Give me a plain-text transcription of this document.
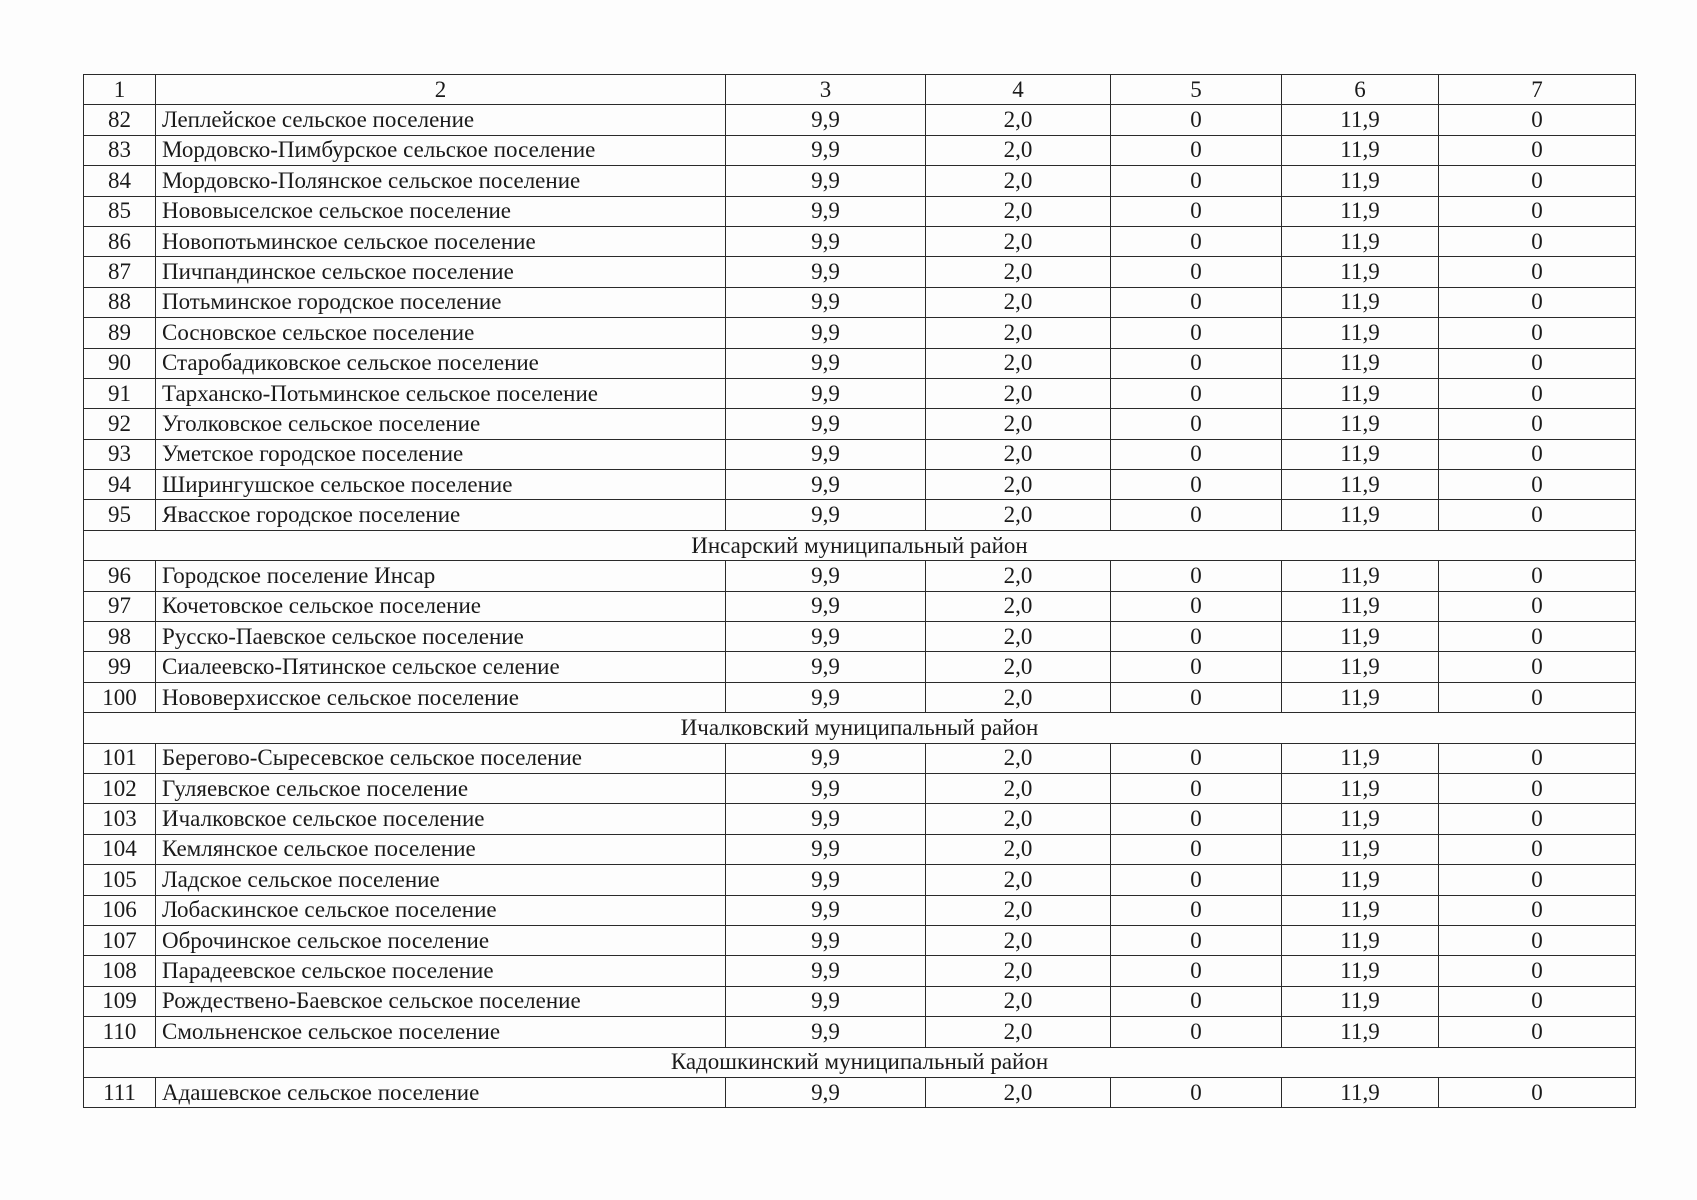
1	2	3	4	5	6	7
82	Леплейское сельское поселение	9,9	2,0	0	11,9	0
83	Мордовско-Пимбурское сельское поселение	9,9	2,0	0	11,9	0
84	Мордовско-Полянское сельское поселение	9,9	2,0	0	11,9	0
85	Нововыселское сельское поселение	9,9	2,0	0	11,9	0
86	Новопотьминское сельское поселение	9,9	2,0	0	11,9	0
87	Пичпандинское сельское поселение	9,9	2,0	0	11,9	0
88	Потьминское городское поселение	9,9	2,0	0	11,9	0
89	Сосновское сельское поселение	9,9	2,0	0	11,9	0
90	Старобадиковское сельское поселение	9,9	2,0	0	11,9	0
91	Тарханско-Потьминское сельское поселение	9,9	2,0	0	11,9	0
92	Уголковское сельское поселение	9,9	2,0	0	11,9	0
93	Уметское городское поселение	9,9	2,0	0	11,9	0
94	Ширингушское сельское поселение	9,9	2,0	0	11,9	0
95	Явасское городское поселение	9,9	2,0	0	11,9	0
Инсарский муниципальный район						
96	Городское поселение Инсар	9,9	2,0	0	11,9	0
97	Кочетовское сельское поселение	9,9	2,0	0	11,9	0
98	Русско-Паевское сельское поселение	9,9	2,0	0	11,9	0
99	Сиалеевско-Пятинское сельское селение	9,9	2,0	0	11,9	0
100	Нововерхисское сельское поселение	9,9	2,0	0	11,9	0
Ичалковский муниципальный район						
101	Берегово-Сыресевское сельское поселение	9,9	2,0	0	11,9	0
102	Гуляевское сельское поселение	9,9	2,0	0	11,9	0
103	Ичалковское сельское поселение	9,9	2,0	0	11,9	0
104	Кемлянское сельское поселение	9,9	2,0	0	11,9	0
105	Ладское сельское поселение	9,9	2,0	0	11,9	0
106	Лобаскинское сельское поселение	9,9	2,0	0	11,9	0
107	Оброчинское сельское поселение	9,9	2,0	0	11,9	0
108	Парадеевское сельское поселение	9,9	2,0	0	11,9	0
109	Рождествено-Баевское сельское поселение	9,9	2,0	0	11,9	0
110	Смольненское сельское поселение	9,9	2,0	0	11,9	0
Кадошкинский муниципальный район						
111	Адашевское сельское поселение	9,9	2,0	0	11,9	0
